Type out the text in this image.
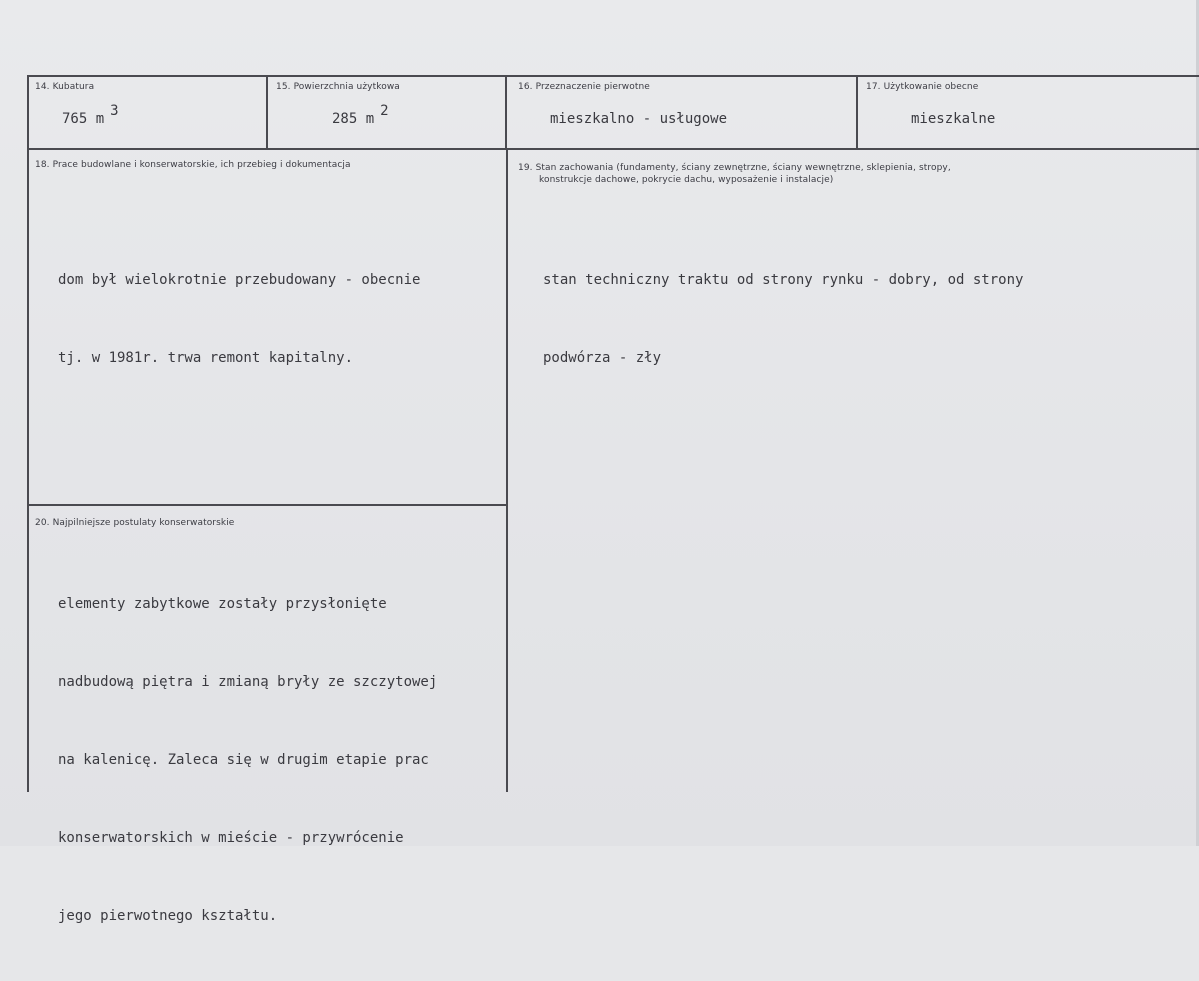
14. Kubatura
765 m 3
15. Powierzchnia użytkowa
285 m 2
16. Przeznaczenie pierwotne
mieszkalno - usługowe
17. Użytkowanie obecne
mieszkalne
18. Prace budowlane i konserwatorskie, ich przebieg i dokumentacja

dom był wielokrotnie przebudowany - obecnie

tj. w 1981r. trwa remont kapitalny.

19. Stan zachowania (fundamenty, ściany zewnętrzne, ściany wewnętrzne, sklepienia, stropy,
konstrukcje dachowe, pokrycie dachu, wyposażenie i instalacje)

stan techniczny traktu od strony rynku - dobry, od strony

podwórza - zły

20. Najpilniejsze postulaty konserwatorskie

elementy zabytkowe zostały przysłonięte

nadbudową piętra i zmianą bryły ze szczytowej

na kalenicę. Zaleca się w drugim etapie prac

konserwatorskich w mieście - przywrócenie

jego pierwotnego kształtu.
